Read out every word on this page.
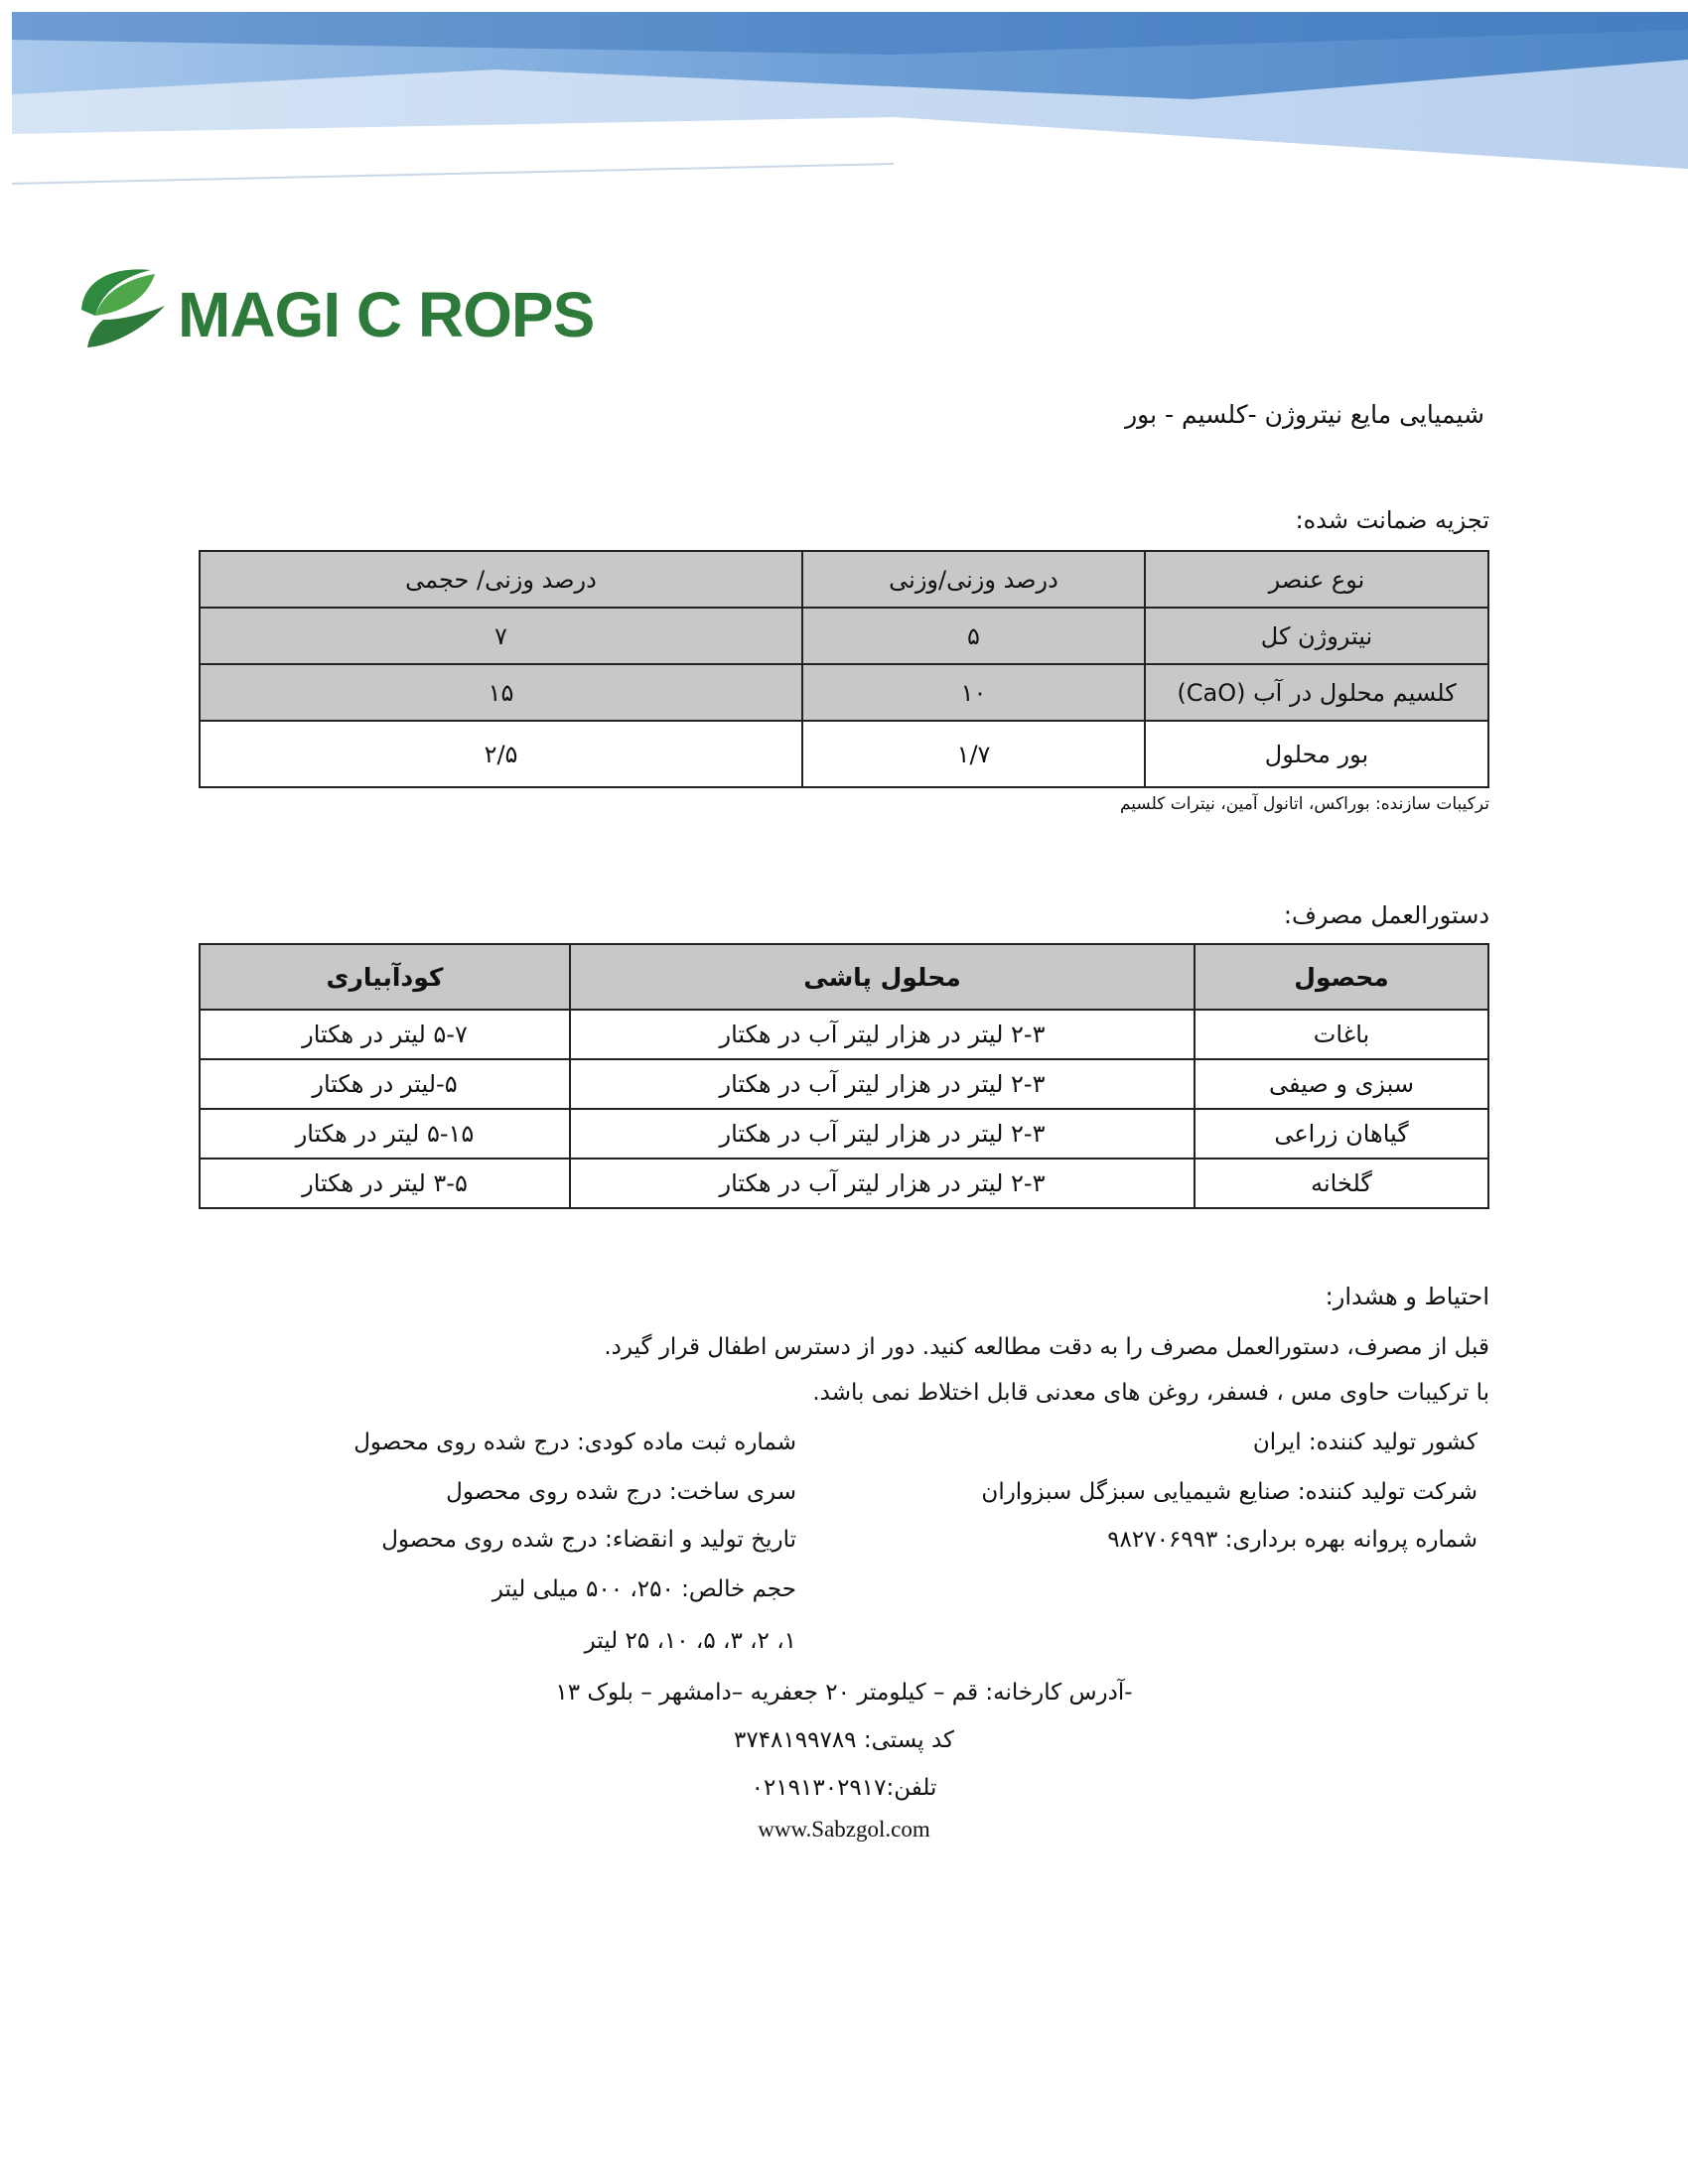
MAGI C ROPS
شیمیایی مایع نیتروژن -کلسیم - بور
تجزیه ضمانت شده:
نوع عنصر	درصد وزنی/وزنی	درصد وزنی/ حجمی
نیتروژن کل	۵	۷
کلسیم محلول در آب (CaO)	۱۰	۱۵
بور محلول	۱/۷	۲/۵
ترکیبات سازنده: بوراکس، اتانول آمین، نیترات کلسیم
دستورالعمل مصرف:
محصول	محلول پاشی	کودآبیاری
باغات	۲-۳ لیتر در هزار لیتر آب در هکتار	۵-۷ لیتر در هکتار
سبزی و صیفی	۲-۳ لیتر در هزار لیتر آب در هکتار	۵-لیتر در هکتار
گیاهان زراعی	۲-۳ لیتر در هزار لیتر آب در هکتار	۵-۱۵ لیتر در هکتار
گلخانه	۲-۳ لیتر در هزار لیتر آب در هکتار	۳-۵ لیتر در هکتار
احتیاط و هشدار:
قبل از مصرف، دستورالعمل مصرف را به دقت مطالعه کنید. دور از دسترس اطفال قرار گیرد.
با ترکیبات حاوی مس ، فسفر، روغن های معدنی قابل اختلاط نمی باشد.
کشور تولید کننده: ایران
شرکت تولید کننده: صنایع شیمیایی سبزگل سبزواران
شماره پروانه بهره برداری: ۹۸۲۷۰۶۹۹۳
شماره ثبت ماده کودی: درج شده روی محصول
سری ساخت: درج شده روی محصول
تاریخ تولید و انقضاء: درج شده روی محصول
حجم خالص: ۲۵۰، ۵۰۰ میلی لیتر
۱، ۲، ۳، ۵، ۱۰، ۲۵ لیتر
-آدرس کارخانه: قم – کیلومتر ۲۰ جعفریه –دامشهر – بلوک ۱۳
کد پستی: ۳۷۴۸۱۹۹۷۸۹
تلفن:۰۲۱۹۱۳۰۲۹۱۷
www.Sabzgol.com
